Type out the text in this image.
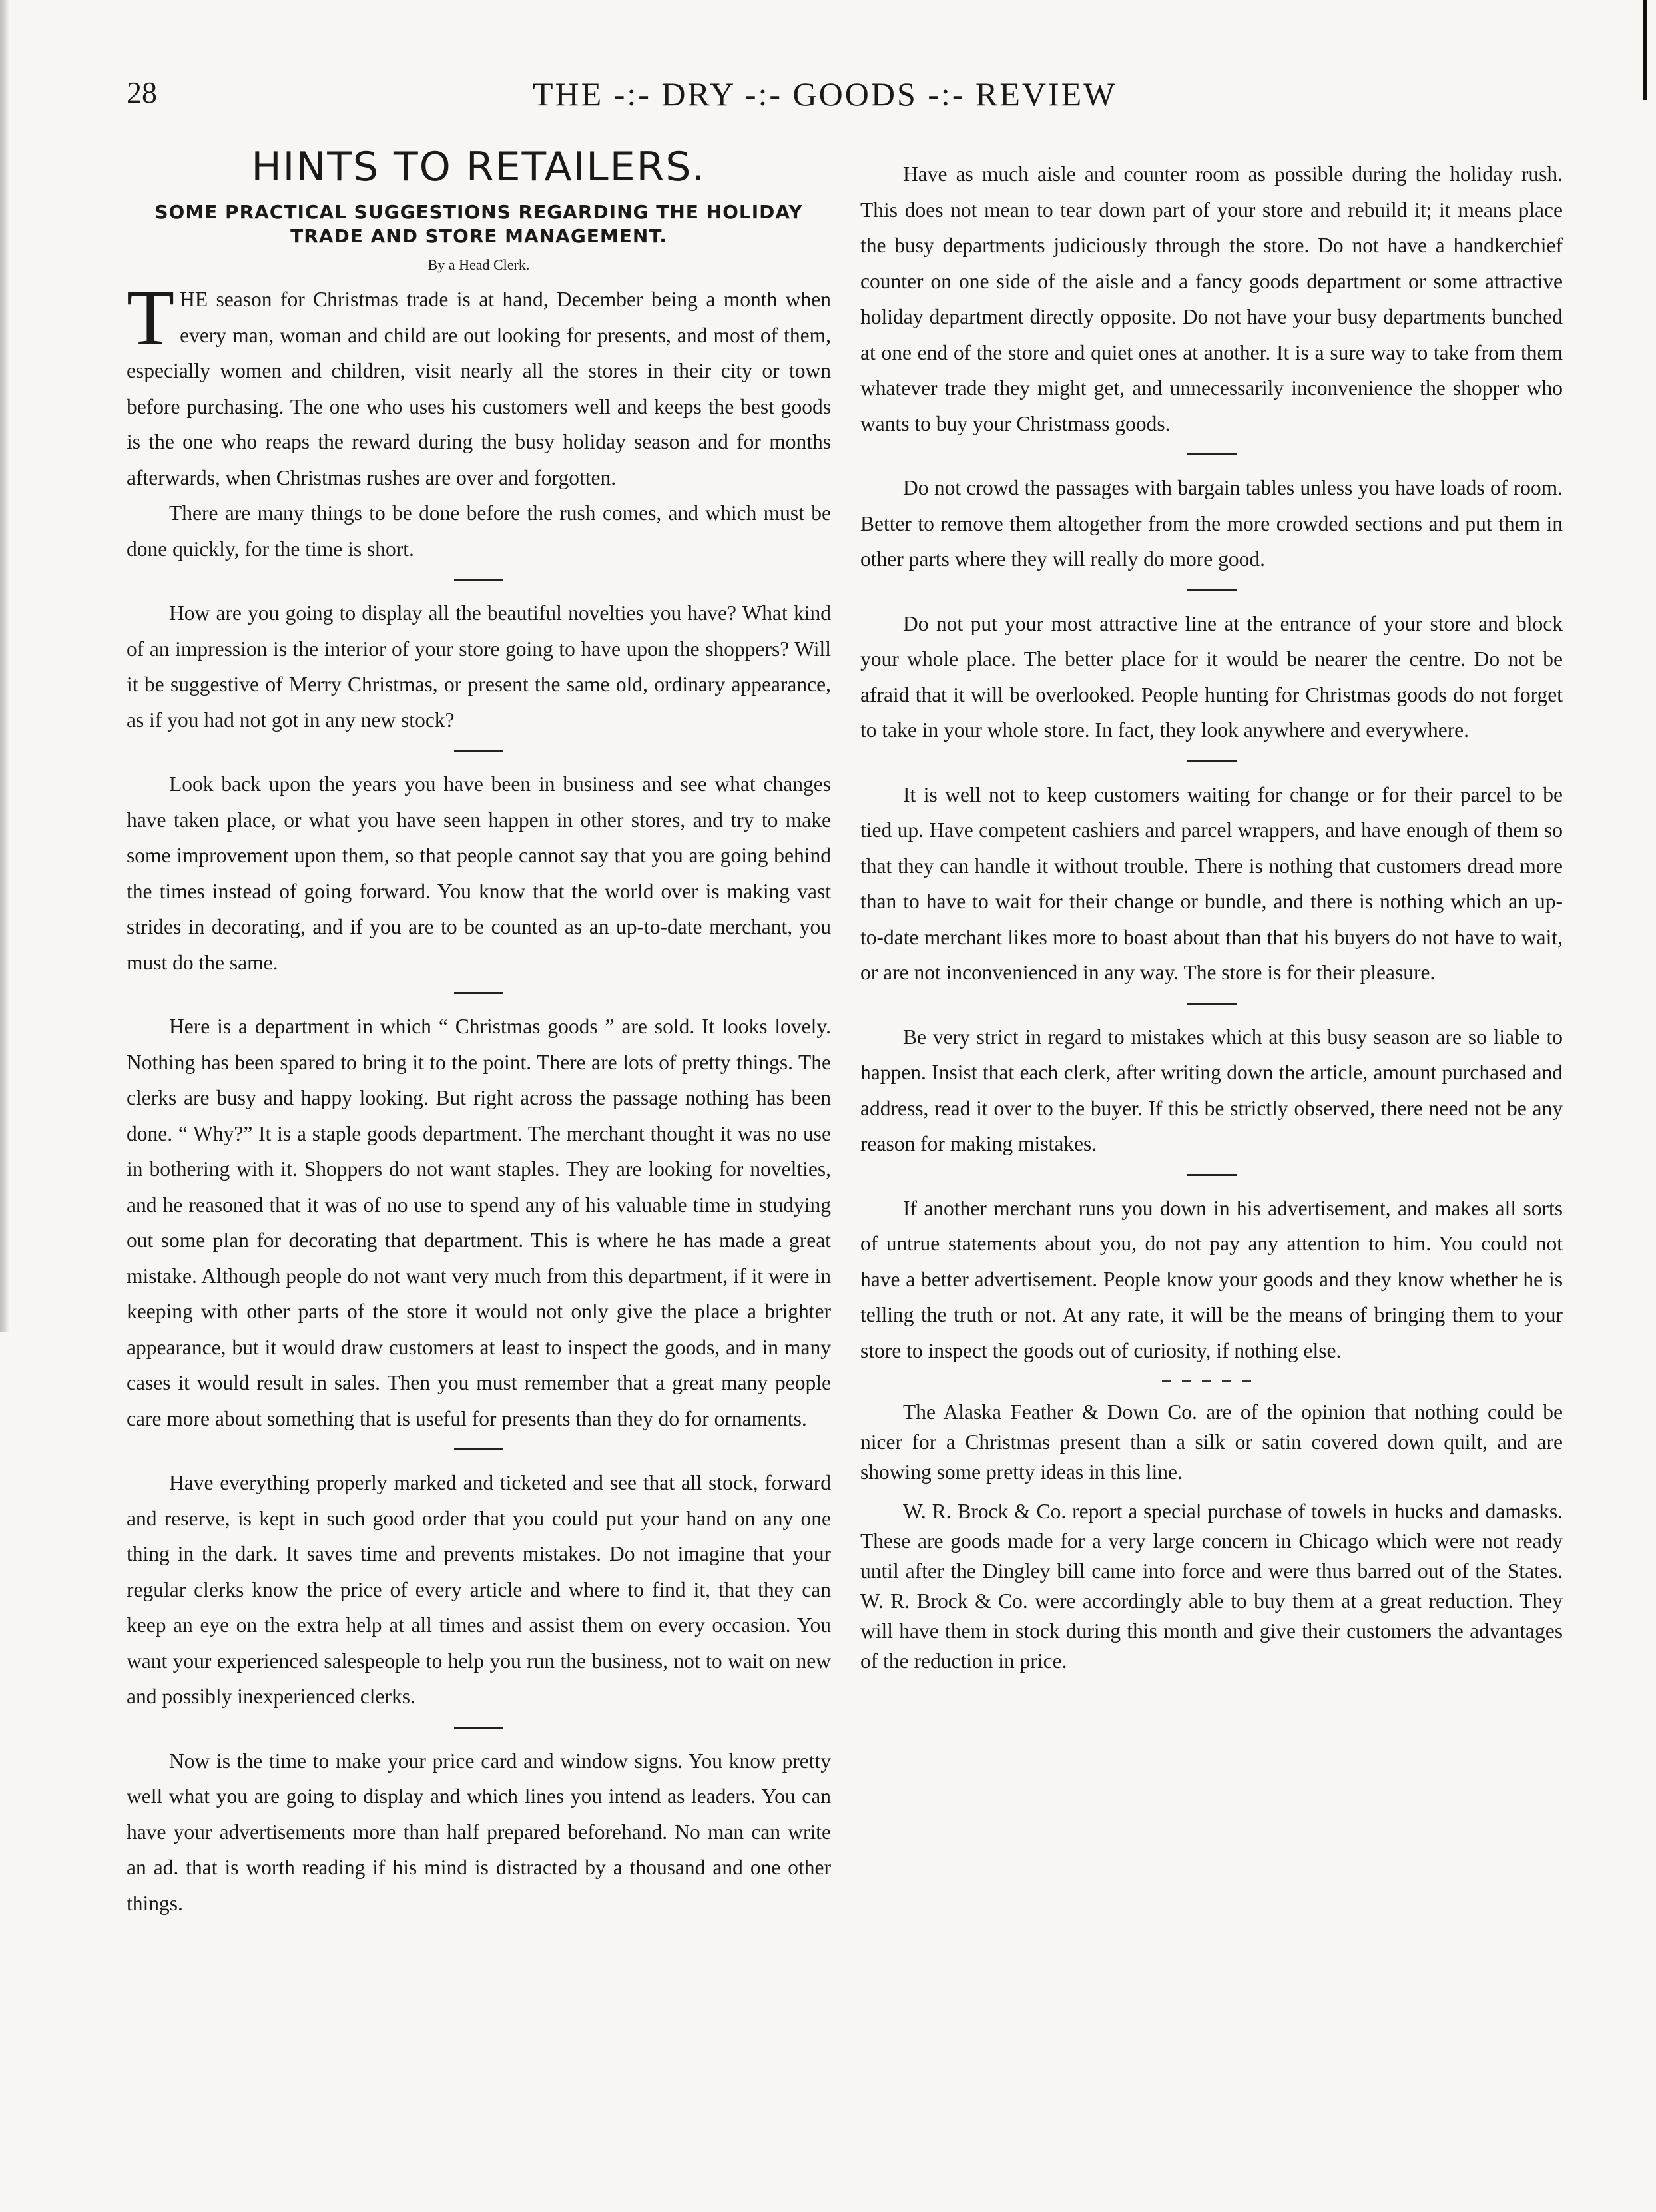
28	THE -:- DRY -:- GOODS -:- REVIEW
HINTS TO RETAILERS.
SOME PRACTICAL SUGGESTIONS REGARDING THE HOLIDAY TRADE AND STORE MANAGEMENT.
By a Head Clerk.

THE season for Christmas trade is at hand, December being a month when every man, woman and child are out looking for presents, and most of them, especially women and children, visit nearly all the stores in their city or town before purchasing. The one who uses his customers well and keeps the best goods is the one who reaps the reward during the busy holiday season and for months afterwards, when Christmas rushes are over and forgotten.

There are many things to be done before the rush comes, and which must be done quickly, for the time is short.

How are you going to display all the beautiful novelties you have? What kind of an impression is the interior of your store going to have upon the shoppers? Will it be suggestive of Merry Christmas, or present the same old, ordinary appearance, as if you had not got in any new stock?

Look back upon the years you have been in business and see what changes have taken place, or what you have seen happen in other stores, and try to make some improvement upon them, so that people cannot say that you are going behind the times instead of going forward. You know that the world over is making vast strides in decorating, and if you are to be counted as an up-to-date merchant, you must do the same.

Here is a department in which “ Christmas goods ” are sold. It looks lovely. Nothing has been spared to bring it to the point. There are lots of pretty things. The clerks are busy and happy looking. But right across the passage nothing has been done. “ Why?” It is a staple goods department. The merchant thought it was no use in bothering with it. Shoppers do not want staples. They are looking for novelties, and he reasoned that it was of no use to spend any of his valuable time in studying out some plan for decorating that department. This is where he has made a great mistake. Although people do not want very much from this department, if it were in keeping with other parts of the store it would not only give the place a brighter appearance, but it would draw customers at least to inspect the goods, and in many cases it would result in sales. Then you must remember that a great many people care more about something that is useful for presents than they do for ornaments.

Have everything properly marked and ticketed and see that all stock, forward and reserve, is kept in such good order that you could put your hand on any one thing in the dark. It saves time and prevents mistakes. Do not imagine that your regular clerks know the price of every article and where to find it, that they can keep an eye on the extra help at all times and assist them on every occasion. You want your experienced salespeople to help you run the business, not to wait on new and possibly inexperienced clerks.

Now is the time to make your price card and window signs. You know pretty well what you are going to display and which lines you intend as leaders. You can have your advertisements more than half prepared beforehand. No man can write an ad. that is worth reading if his mind is distracted by a thousand and one other things.

Have as much aisle and counter room as possible during the holiday rush. This does not mean to tear down part of your store and rebuild it; it means place the busy departments judiciously through the store. Do not have a handkerchief counter on one side of the aisle and a fancy goods department or some attractive holiday department directly opposite. Do not have your busy departments bunched at one end of the store and quiet ones at another. It is a sure way to take from them whatever trade they might get, and unnecessarily inconvenience the shopper who wants to buy your Christmass goods.

Do not crowd the passages with bargain tables unless you have loads of room. Better to remove them altogether from the more crowded sections and put them in other parts where they will really do more good.

Do not put your most attractive line at the entrance of your store and block your whole place. The better place for it would be nearer the centre. Do not be afraid that it will be overlooked. People hunting for Christmas goods do not forget to take in your whole store. In fact, they look anywhere and everywhere.

It is well not to keep customers waiting for change or for their parcel to be tied up. Have competent cashiers and parcel wrappers, and have enough of them so that they can handle it without trouble. There is nothing that customers dread more than to have to wait for their change or bundle, and there is nothing which an up-to-date merchant likes more to boast about than that his buyers do not have to wait, or are not inconvenienced in any way. The store is for their pleasure.

Be very strict in regard to mistakes which at this busy season are so liable to happen. Insist that each clerk, after writing down the article, amount purchased and address, read it over to the buyer. If this be strictly observed, there need not be any reason for making mistakes.

If another merchant runs you down in his advertisement, and makes all sorts of untrue statements about you, do not pay any attention to him. You could not have a better advertisement. People know your goods and they know whether he is telling the truth or not. At any rate, it will be the means of bringing them to your store to inspect the goods out of curiosity, if nothing else.

The Alaska Feather & Down Co. are of the opinion that nothing could be nicer for a Christmas present than a silk or satin covered down quilt, and are showing some pretty ideas in this line.

W. R. Brock & Co. report a special purchase of towels in hucks and damasks. These are goods made for a very large concern in Chicago which were not ready until after the Dingley bill came into force and were thus barred out of the States. W. R. Brock & Co. were accordingly able to buy them at a great reduction. They will have them in stock during this month and give their customers the advantages of the reduction in price.
